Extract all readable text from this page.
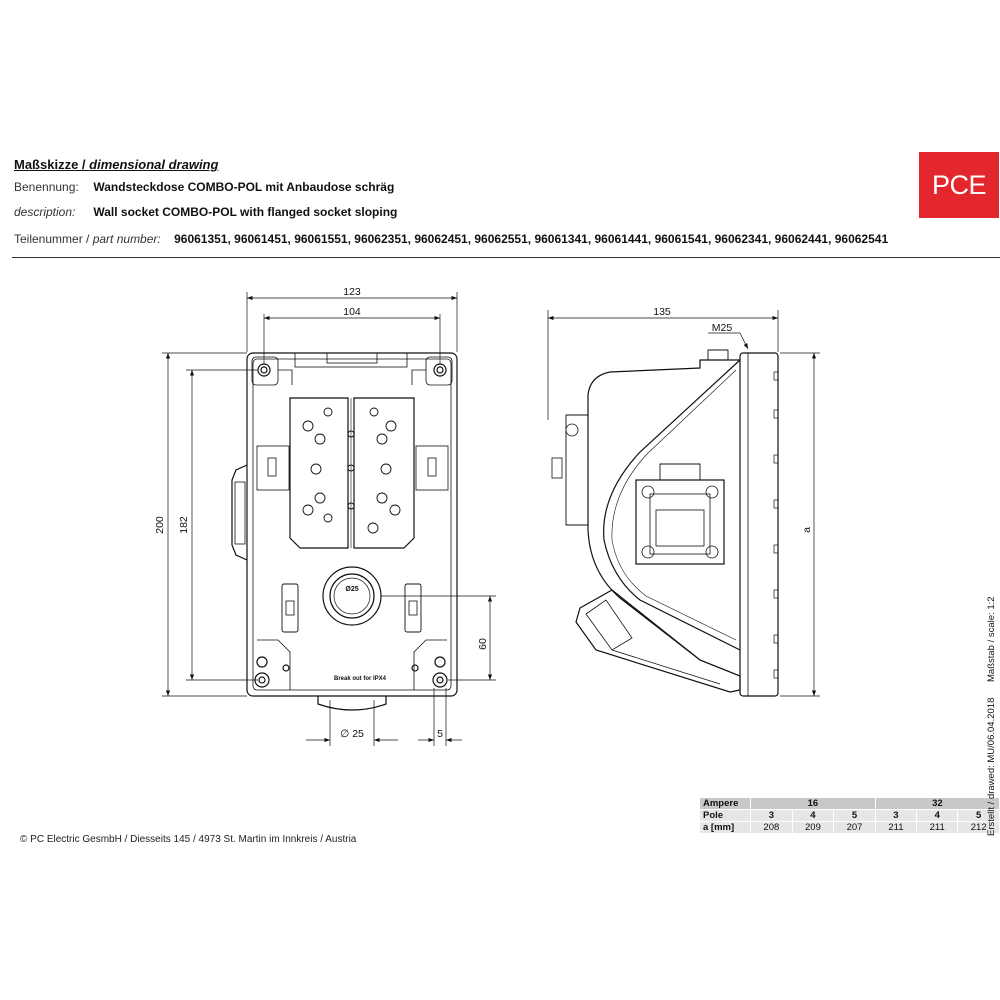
Maßskizze / dimensional drawing
Benennung: Wandsteckdose COMBO-POL mit Anbaudose schräg
description: Wall socket COMBO-POL with flanged socket sloping
Teilenummer / part number: 96061351, 96061451, 96061551, 96062351, 96062451, 96062551, 96061341, 96061441, 96061541, 96062341, 96062441, 96062541
PCE
123
104
200 182
60
∅ 25	5
Ø25
Break out for IPX4
135
M25
a
Ampere	16			32		
Pole	3	4	5	3	4	5
a [mm]	208	209	207	211	211	212
© PC Electric GesmbH / Diesseits 145 / 4973 St. Martin im Innkreis / Austria
Maßstab / scale: 1:2
Erstellt / drawed: MU/06.04.2018
